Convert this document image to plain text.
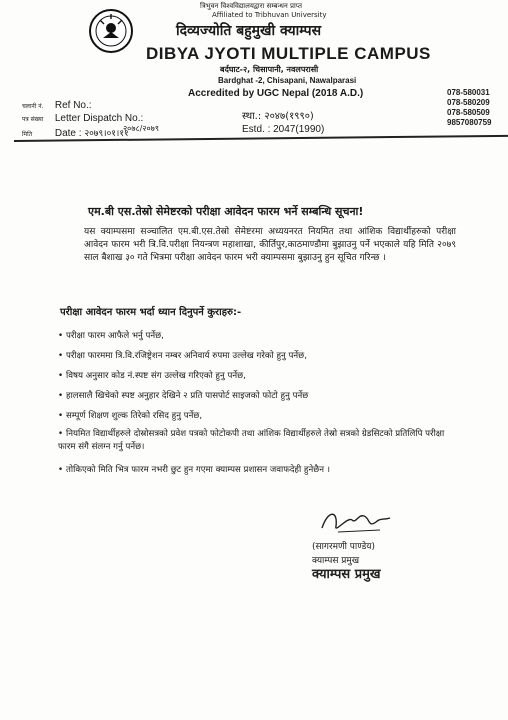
त्रिभुवन विश्वविद्यालयद्वारा सम्बन्धन प्राप्त
Affiliated to Tribhuvan University
दिव्यज्योति बहुमुखी क्याम्पस
DIBYA JYOTI MULTIPLE CAMPUS
बर्दघाट-२, चिसापानी, नवलपरासी
Bardghat -2, Chisapani, Nawalparasi
Accredited by UGC Nepal (2018 A.D.)	078-580031
078-580209
078-580509
9857080759
चलानी नं. Ref No.:
पत्र संख्या Letter Dispatch No.:
मिति Date : २०७९।०१।११
२०७८/२०७९
स्था.: २०४७(१९९०)
Estd. : 2047(1990)
एम.बी एस.तेस्रो सेमेष्टरको परीक्षा आवेदन फारम भर्ने सम्बन्धि सूचना!

यस क्याम्पसमा सञ्चालित एम.बी.एस.तेस्रो सेमेष्टरमा अध्ययनरत नियमित तथा आंशिक विद्यार्थीहरुको परीक्षा आवेदन फारम भरी त्रि.वि.परीक्षा नियन्त्रण महाशाखा, कीर्तिपुर,काठमाण्डौमा बुझाउनु पर्ने भएकाले यहि मिति २०७९ साल बैशाख ३० गते भित्रमा परीक्षा आवेदन फारम भरी क्याम्पसमा बुझाउनु हुन सूचित गरिन्छ ।

परीक्षा आवेदन फारम भर्दा ध्यान दिनुपर्ने कुराहरु:-
• परीक्षा फारम आफैले भर्नु पर्नेछ,
• परीक्षा फारममा त्रि.वि.रजिष्ट्रेशन नम्बर अनिवार्य रुपमा उल्लेख गरेको हुनु पर्नेछ,
• विषय अनुसार कोड नं.स्पष्ट संग उल्लेख गरिएको हुनु पर्नेछ,
• हालसालै खिचेको स्पष्ट अनुहार देखिने २ प्रति पासपोर्ट साइजको फोटो हुनु पर्नेछ
• सम्पूर्ण शिक्षण शुल्क तिरेको रसिद हुनु पर्नेछ,
• नियमित विद्यार्थीहरुले दोस्रोसत्रको प्रवेश पत्रको फोटोकपी तथा आंशिक विद्यार्थीहरुले तेस्रो सत्रको ग्रेडसिटको प्रतिलिपि परीक्षा फारम संगै संलग्न गर्नु पर्नेछ।
• तोकिएको मिति भित्र फारम नभरी छुट हुन गएमा क्याम्पस प्रशासन जवाफदेही हुनेछैन ।
(सागरमणी पाण्डेय)
क्याम्पस प्रमुख
क्याम्पस प्रमुख
